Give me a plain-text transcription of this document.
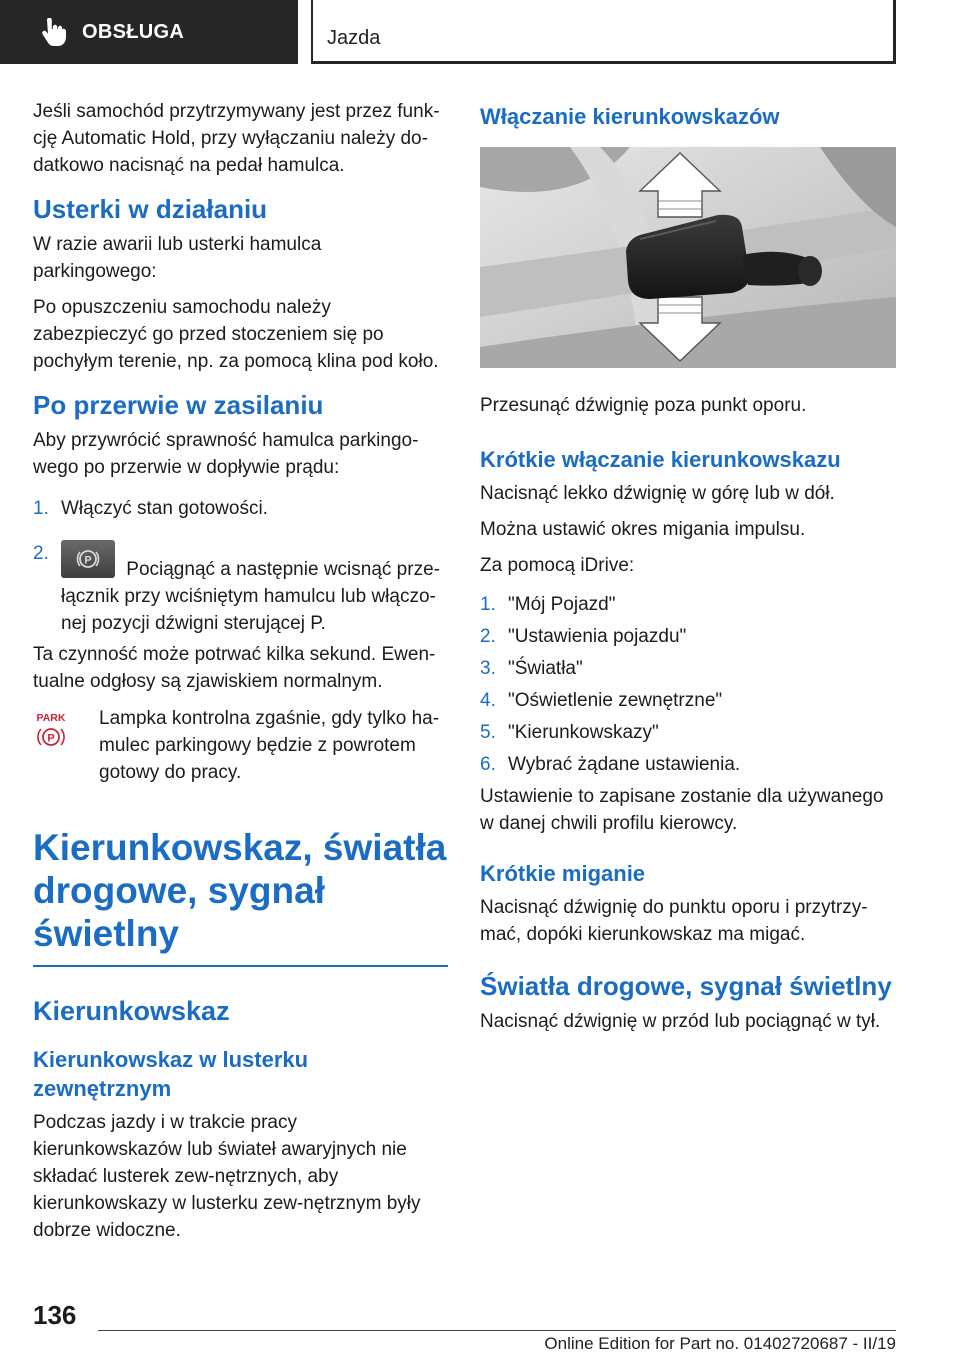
OBSŁUGA	Jazda

Jeśli samochód przytrzymywany jest przez funk-cję Automatic Hold, przy wyłączaniu należy do-datkowo nacisnąć na pedał hamulca.

Usterki w działaniu

W razie awarii lub usterki hamulca parkingowego:

Po opuszczeniu samochodu należy zabezpieczyć go przed stoczeniem się po pochyłym terenie, np. za pomocą klina pod koło.

Po przerwie w zasilaniu

Aby przywrócić sprawność hamulca parkingo-wego po przerwie w dopływie prądu:

1. Włączyć stan gotowości.
2.	P Pociągnąć a następnie wcisnąć prze-łącznik przy wciśniętym hamulcu lub włączo-nej pozycji dźwigni sterującej P.

Ta czynność może potrwać kilka sekund. Ewen-tualne odgłosy są zjawiskiem normalnym.

PARK
P

Lampka kontrolna zgaśnie, gdy tylko ha-mulec parkingowy będzie z powrotem gotowy do pracy.

Kierunkowskaz, światła drogowe, sygnał świetlny
Kierunkowskaz
Kierunkowskaz w lusterku zewnętrznym

Podczas jazdy i w trakcie pracy kierunkowskazów lub świateł awaryjnych nie składać lusterek zew-nętrznych, aby kierunkowskazy w lusterku zew-nętrznym były dobrze widoczne.

Włączanie kierunkowskazów

Przesunąć dźwignię poza punkt oporu.

Krótkie włączanie kierunkowskazu

Nacisnąć lekko dźwignię w górę lub w dół.

Można ustawić okres migania impulsu.

Za pomocą iDrive:

1. "Mój Pojazd"
2. "Ustawienia pojazdu"
3. "Światła"
4. "Oświetlenie zewnętrzne"
5. "Kierunkowskazy"
6. Wybrać żądane ustawienia.

Ustawienie to zapisane zostanie dla używanego w danej chwili profilu kierowcy.

Krótkie miganie

Nacisnąć dźwignię do punktu oporu i przytrzy-mać, dopóki kierunkowskaz ma migać.

Światła drogowe, sygnał świetlny

Nacisnąć dźwignię w przód lub pociągnąć w tył.

136
Online Edition for Part no. 01402720687 - II/19
